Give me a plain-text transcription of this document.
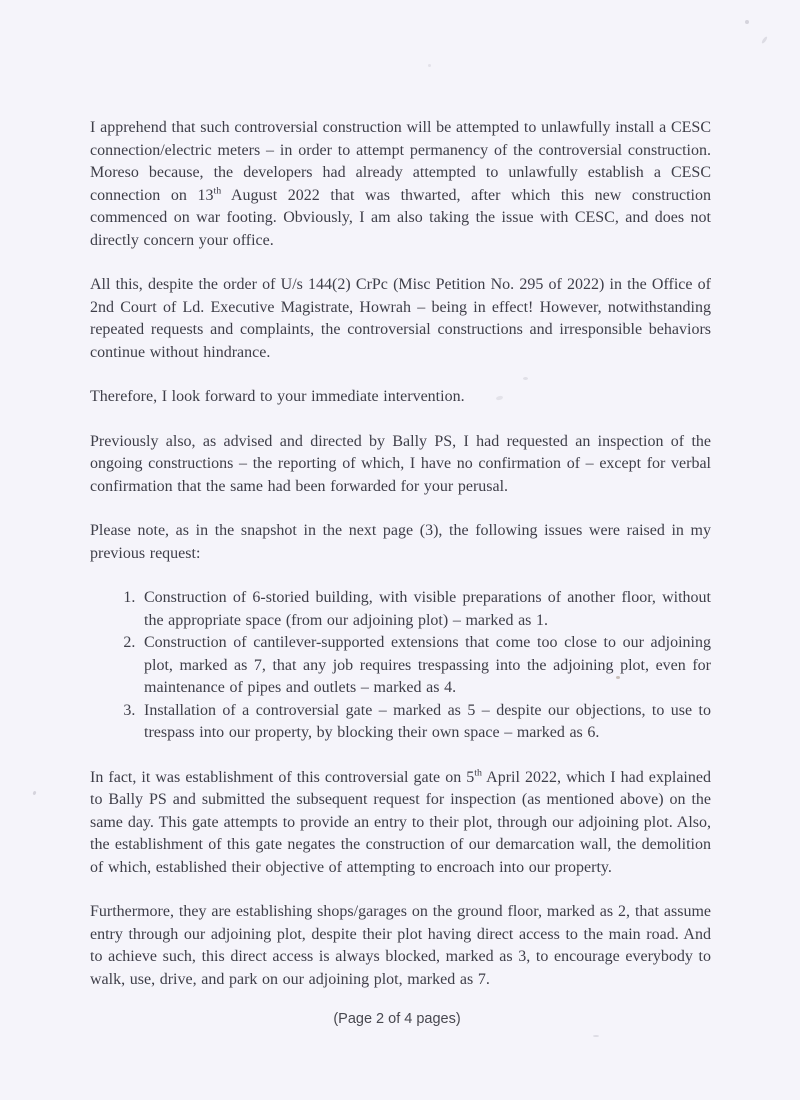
I apprehend that such controversial construction will be attempted to unlawfully install a CESC connection/electric meters – in order to attempt permanency of the controversial construction. Moreso because, the developers had already attempted to unlawfully establish a CESC connection on 13th August 2022 that was thwarted, after which this new construction commenced on war footing. Obviously, I am also taking the issue with CESC, and does not directly concern your office.

All this, despite the order of U/s 144(2) CrPc (Misc Petition No. 295 of 2022) in the Office of 2nd Court of Ld. Executive Magistrate, Howrah – being in effect! However, notwithstanding repeated requests and complaints, the controversial constructions and irresponsible behaviors continue without hindrance.

Therefore, I look forward to your immediate intervention.

Previously also, as advised and directed by Bally PS, I had requested an inspection of the ongoing constructions – the reporting of which, I have no confirmation of – except for verbal confirmation that the same had been forwarded for your perusal.

Please note, as in the snapshot in the next page (3), the following issues were raised in my previous request:

1. Construction of 6-storied building, with visible preparations of another floor, without the appropriate space (from our adjoining plot) – marked as 1.
2. Construction of cantilever-supported extensions that come too close to our adjoining plot, marked as 7, that any job requires trespassing into the adjoining plot, even for maintenance of pipes and outlets – marked as 4.
3. Installation of a controversial gate – marked as 5 – despite our objections, to use to trespass into our property, by blocking their own space – marked as 6.

In fact, it was establishment of this controversial gate on 5th April 2022, which I had explained to Bally PS and submitted the subsequent request for inspection (as mentioned above) on the same day. This gate attempts to provide an entry to their plot, through our adjoining plot. Also, the establishment of this gate negates the construction of our demarcation wall, the demolition of which, established their objective of attempting to encroach into our property.

Furthermore, they are establishing shops/garages on the ground floor, marked as 2, that assume entry through our adjoining plot, despite their plot having direct access to the main road. And to achieve such, this direct access is always blocked, marked as 3, to encourage everybody to walk, use, drive, and park on our adjoining plot, marked as 7.

(Page 2 of 4 pages)
